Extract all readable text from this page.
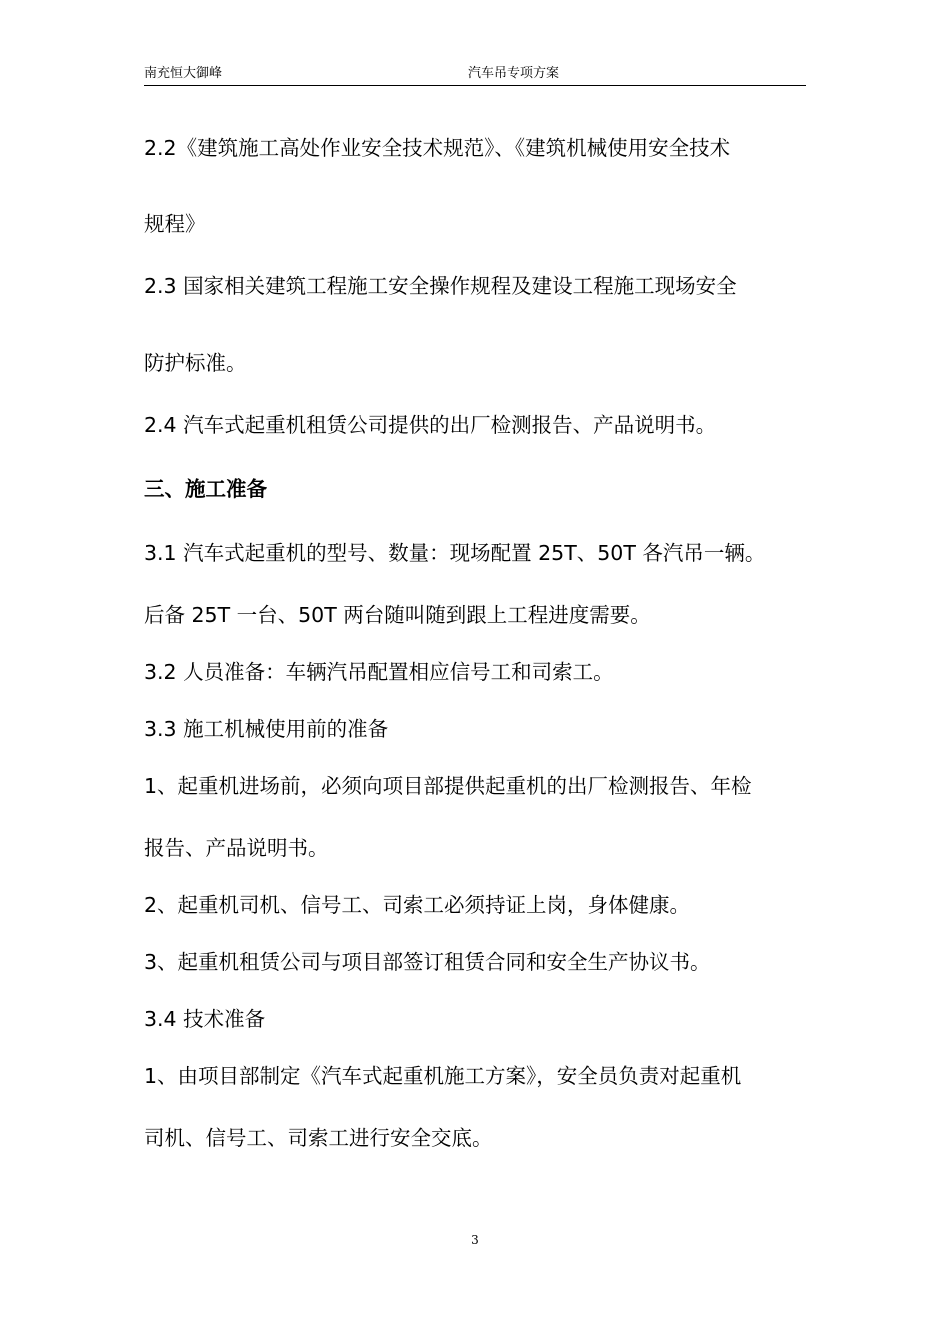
南充恒大御峰	汽车吊专项方案
2.2《建筑施工高处作业安全技术规范》、《建筑机械使用安全技术
规程》
2.3 国家相关建筑工程施工安全操作规程及建设工程施工现场安全
防护标准。
2.4 汽车式起重机租赁公司提供的出厂检测报告、产品说明书。
三、施工准备
3.1 汽车式起重机的型号、数量：现场配置 25T、50T 各汽吊一辆。
后备 25T 一台、50T 两台随叫随到跟上工程进度需要。
3.2 人员准备：车辆汽吊配置相应信号工和司索工。
3.3 施工机械使用前的准备
1、起重机进场前，必须向项目部提供起重机的出厂检测报告、年检
报告、产品说明书。
2、起重机司机、信号工、司索工必须持证上岗，身体健康。
3、起重机租赁公司与项目部签订租赁合同和安全生产协议书。
3.4 技术准备
1、由项目部制定《汽车式起重机施工方案》，安全员负责对起重机
司机、信号工、司索工进行安全交底。
3
